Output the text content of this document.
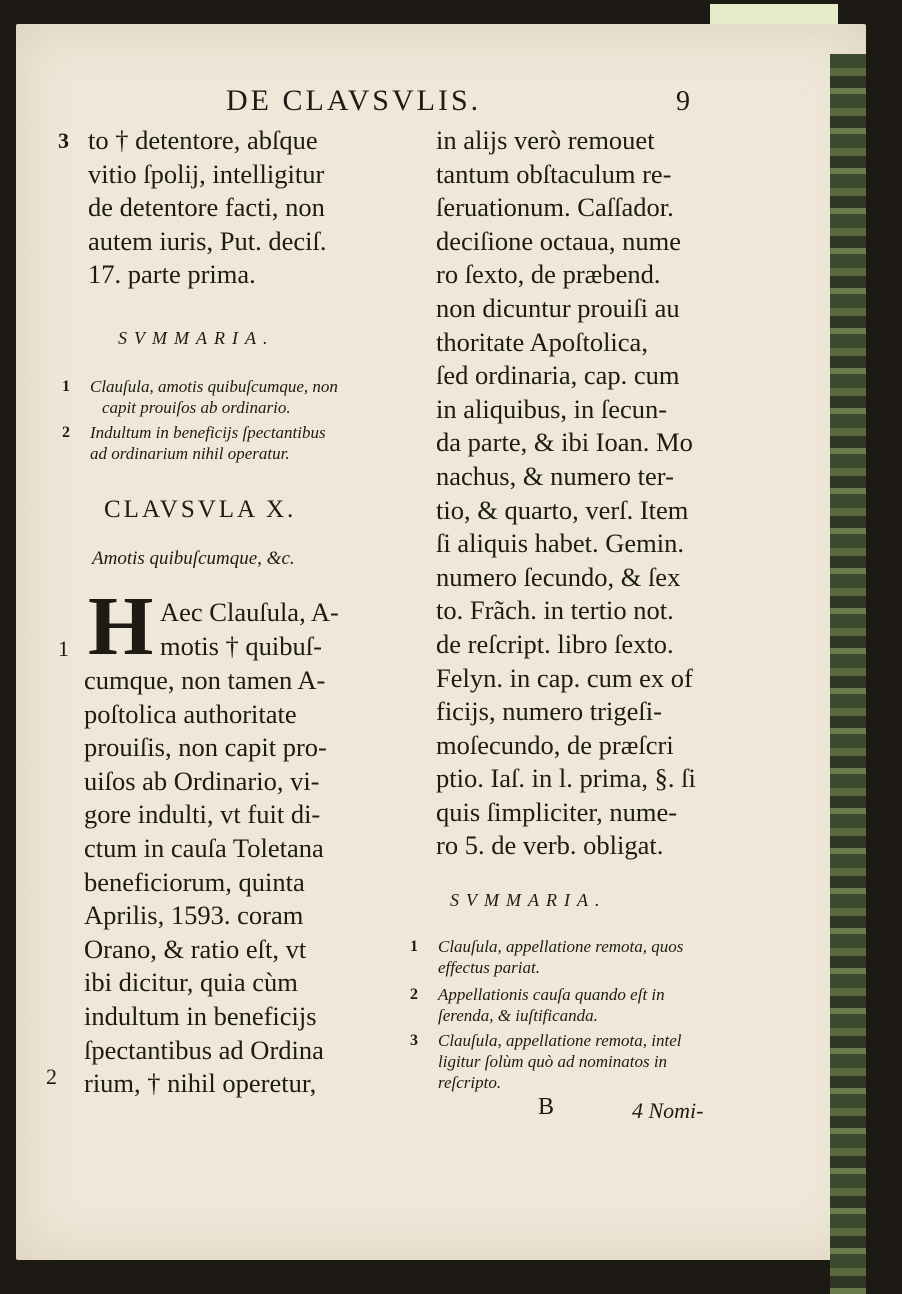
DE CLAVSVLIS.	9
3 to † detentore, abſque
vitio ſpolij, intelligitur
de detentore facti, non
autem iuris, Put. deciſ.
17. parte prima.
SVMMARIA.
1 Clauſula, amotis quibuſcumque, non
capit prouiſos ab ordinario.
2 Indultum in beneficijs ſpectantibus
ad ordinarium nihil operatur.
CLAVSVLA X.
Amotis quibuſcumque, &c.
H
1
Aec Clauſula, A-
motis † quibuſ-
cumque, non tamen A-
poſtolica authoritate
prouiſis, non capit pro-
uiſos ab Ordinario, vi-
gore indulti, vt fuit di-
ctum in cauſa Toletana
beneficiorum, quinta
Aprilis, 1593. coram
Orano, & ratio eſt, vt
ibi dicitur, quia cùm
indultum in beneficijs
ſpectantibus ad Ordina
rium, † nihil operetur,
2
in alijs verò remouet
tantum obſtaculum re-
ſeruationum. Caſſador.
deciſione octaua, nume
ro ſexto, de præbend.
non dicuntur prouiſi au
thoritate Apoſtolica,
ſed ordinaria, cap. cum
in aliquibus, in ſecun-
da parte, & ibi Ioan. Mo
nachus, & numero ter-
tio, & quarto, verſ. Item
ſi aliquis habet. Gemin.
numero ſecundo, & ſex
to. Frãch. in tertio not.
de reſcript. libro ſexto.
Felyn. in cap. cum ex of
ficijs, numero trigeſi-
moſecundo, de præſcri
ptio. Iaſ. in l. prima, §. ſi
quis ſimpliciter, nume-
ro 5. de verb. obligat.
SVMMARIA.
1 Clauſula, appellatione remota, quos
effectus pariat.
2 Appellationis cauſa quando eſt in
ſerenda, & iuſtificanda.
3 Clauſula, appellatione remota, intel
ligitur ſolùm quò ad nominatos in
reſcripto.
B	4 Nomi-
